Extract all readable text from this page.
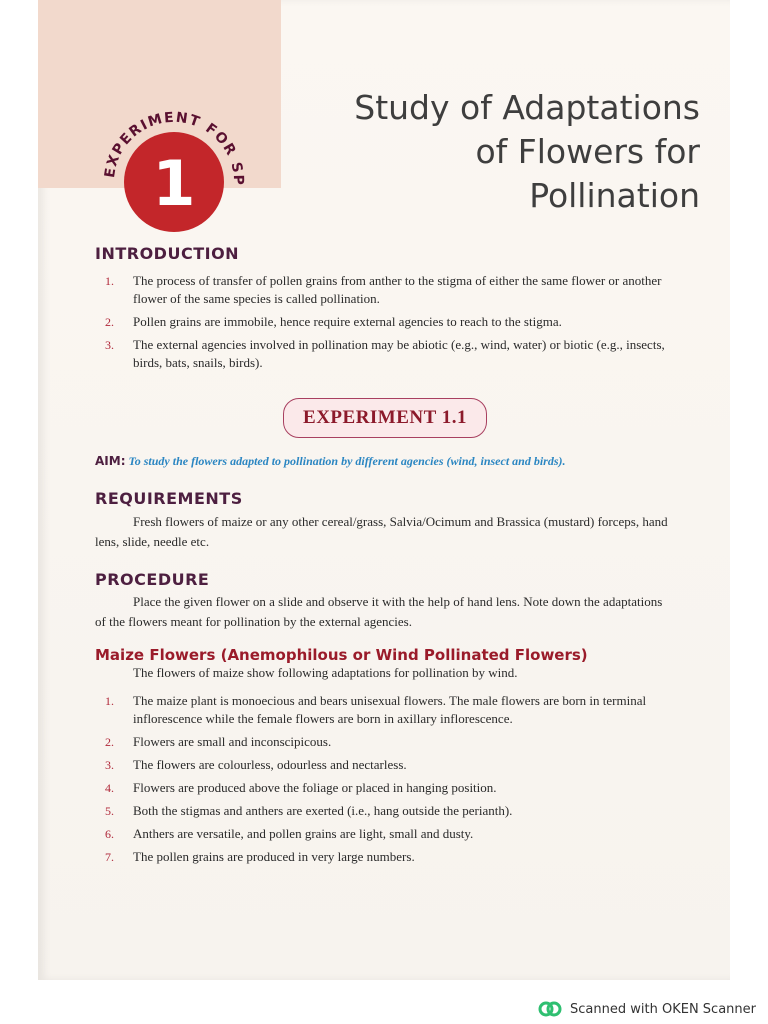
EXPERIMENT FOR SP
1
Study of Adaptations
of Flowers for
Pollination
INTRODUCTION
1. The process of transfer of pollen grains from anther to the stigma of either the same flower or another flower of the same species is called pollination.
2. Pollen grains are immobile, hence require external agencies to reach to the stigma.
3. The external agencies involved in pollination may be abiotic (e.g., wind, water) or biotic (e.g., insects, birds, bats, snails, birds).
EXPERIMENT 1.1
AIM: To study the flowers adapted to pollination by different agencies (wind, insect and birds).
REQUIREMENTS
Fresh flowers of maize or any other cereal/grass, Salvia/Ocimum and Brassica (mustard) forceps, hand lens, slide, needle etc.
PROCEDURE
Place the given flower on a slide and observe it with the help of hand lens. Note down the adaptations of the flowers meant for pollination by the external agencies.
Maize Flowers (Anemophilous or Wind Pollinated Flowers)
The flowers of maize show following adaptations for pollination by wind.
1. The maize plant is monoecious and bears unisexual flowers. The male flowers are born in terminal inflorescence while the female flowers are born in axillary inflorescence.
2. Flowers are small and inconscipicous.
3. The flowers are colourless, odourless and nectarless.
4. Flowers are produced above the foliage or placed in hanging position.
5. Both the stigmas and anthers are exerted (i.e., hang outside the perianth).
6. Anthers are versatile, and pollen grains are light, small and dusty.
7. The pollen grains are produced in very large numbers.
Scanned with OKEN Scanner
